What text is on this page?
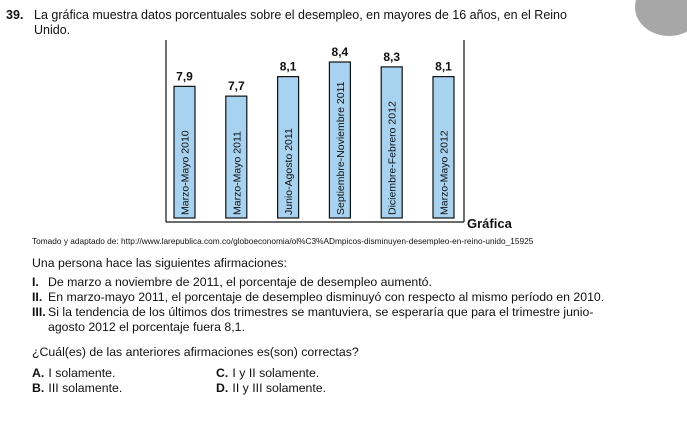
39. La gráfica muestra datos porcentuales sobre el desempleo, en mayores de 16 años, en el Reino
Unido.
7,9
Marzo-Mayo 2010
7,7
Marzo-Mayo 2011
8,1
Junio-Agosto 2011
8,4
Septiembre-Noviembre 2011
8,3
Diciembre-Febrero 2012
8,1
Marzo-Mayo 2012
Gráfica
Tomado y adaptado de: http://www.larepublica.com.co/globoeconomia/ol%C3%ADmpicos-disminuyen-desempleo-en-reino-unido_15925
Una persona hace las siguientes afirmaciones:
I. De marzo a noviembre de 2011, el porcentaje de desempleo aumentó.
II. En marzo-mayo 2011, el porcentaje de desempleo disminuyó con respecto al mismo período en 2010.
III. Si la tendencia de los últimos dos trimestres se mantuviera, se esperaría que para el trimestre junio-
agosto 2012 el porcentaje fuera 8,1.
¿Cuál(es) de las anteriores afirmaciones es(son) correctas?
A. I solamente.
B. III solamente.
C. I y II solamente.
D. II y III solamente.
